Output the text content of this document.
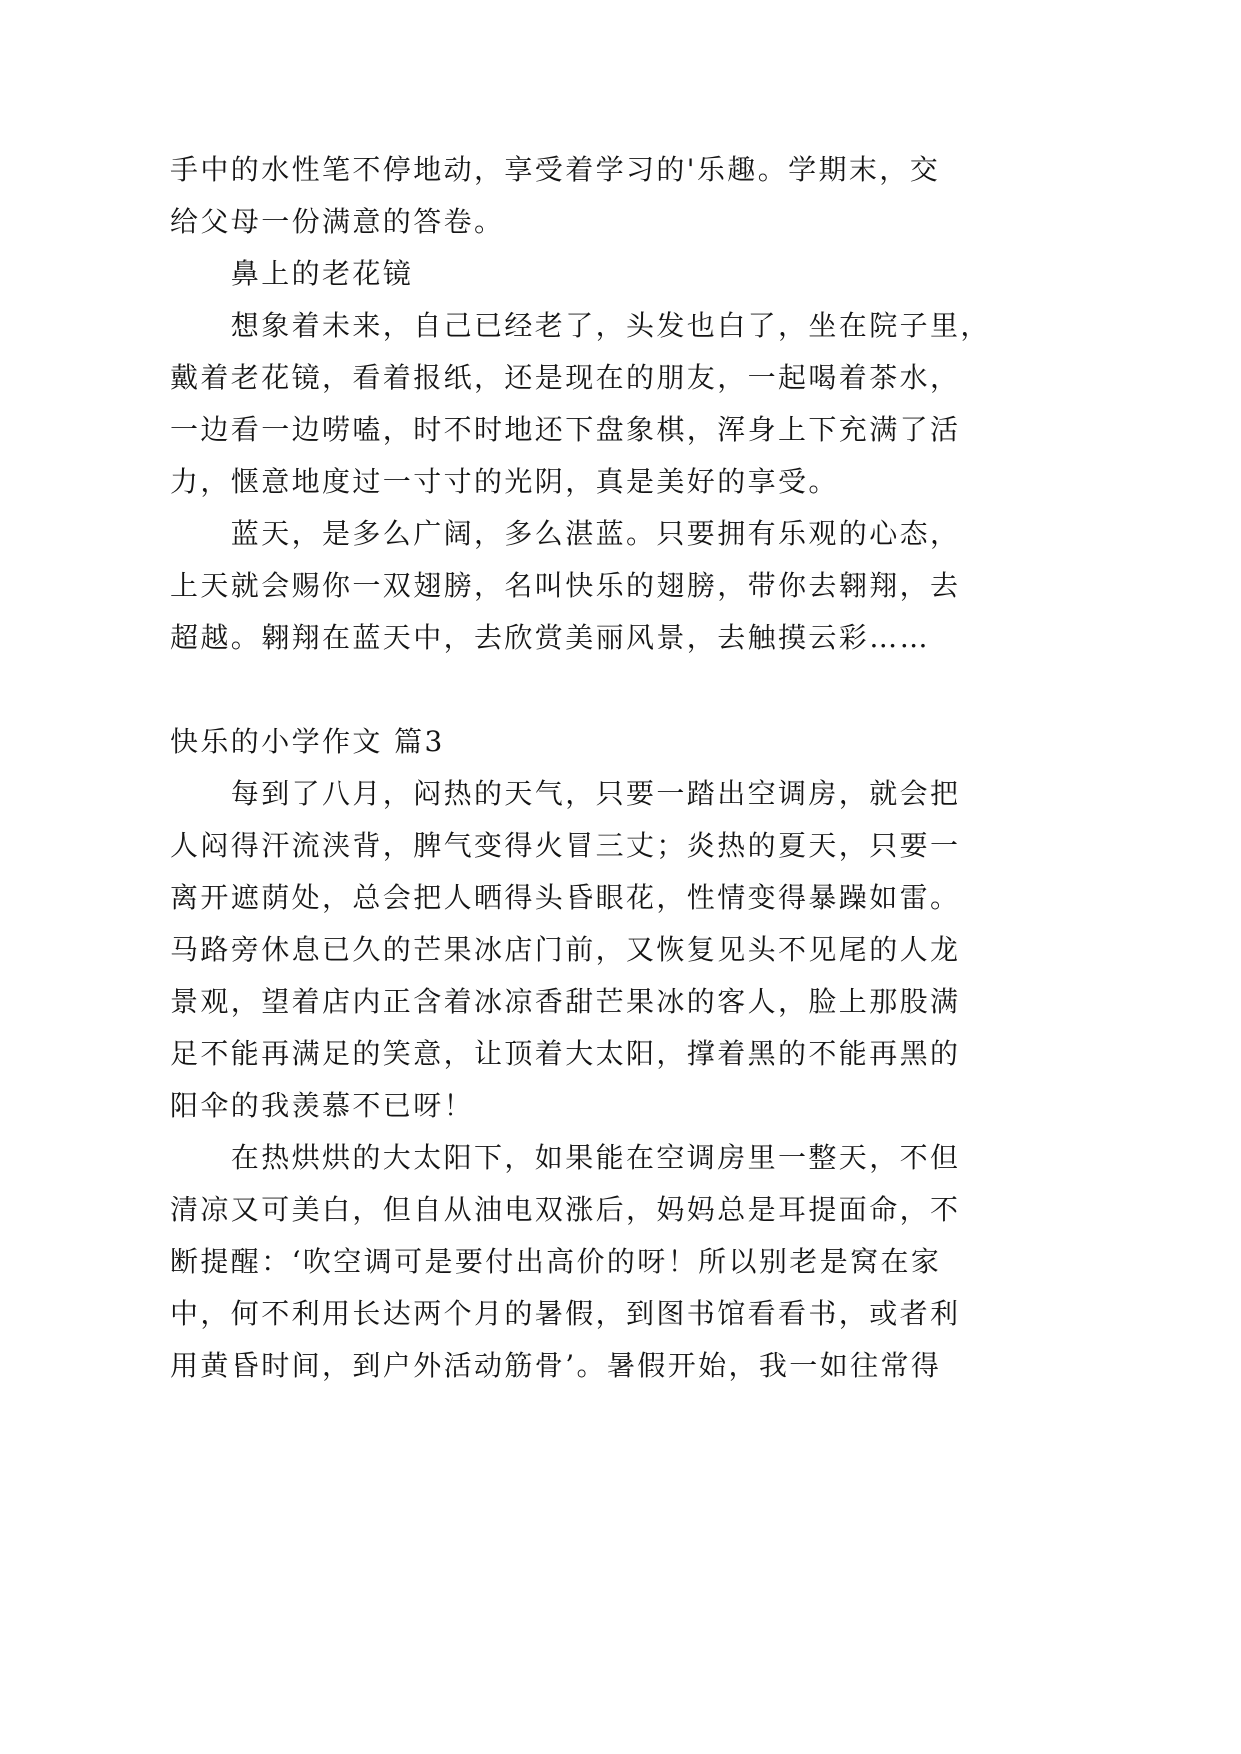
手中的水性笔不停地动，享受着学习的'乐趣。学期末，交
给父母一份满意的答卷。
鼻上的老花镜
想象着未来，自己已经老了，头发也白了，坐在院子里，
戴着老花镜，看着报纸，还是现在的朋友，一起喝着茶水，
一边看一边唠嗑，时不时地还下盘象棋，浑身上下充满了活
力，惬意地度过一寸寸的光阴，真是美好的享受。
蓝天，是多么广阔，多么湛蓝。只要拥有乐观的心态，
上天就会赐你一双翅膀，名叫快乐的翅膀，带你去翱翔，去
超越。翱翔在蓝天中，去欣赏美丽风景，去触摸云彩……
快乐的小学作文 篇3
每到了八月，闷热的天气，只要一踏出空调房，就会把
人闷得汗流浃背，脾气变得火冒三丈；炎热的夏天，只要一
离开遮荫处，总会把人晒得头昏眼花，性情变得暴躁如雷。
马路旁休息已久的芒果冰店门前，又恢复见头不见尾的人龙
景观，望着店内正含着冰凉香甜芒果冰的客人，脸上那股满
足不能再满足的笑意，让顶着大太阳，撑着黑的不能再黑的
阳伞的我羡慕不已呀！
在热烘烘的大太阳下，如果能在空调房里一整天，不但
清凉又可美白，但自从油电双涨后，妈妈总是耳提面命，不
断提醒：‘吹空调可是要付出高价的呀！所以别老是窝在家
中，何不利用长达两个月的暑假，到图书馆看看书，或者利
用黄昏时间，到户外活动筋骨’。暑假开始，我一如往常得
